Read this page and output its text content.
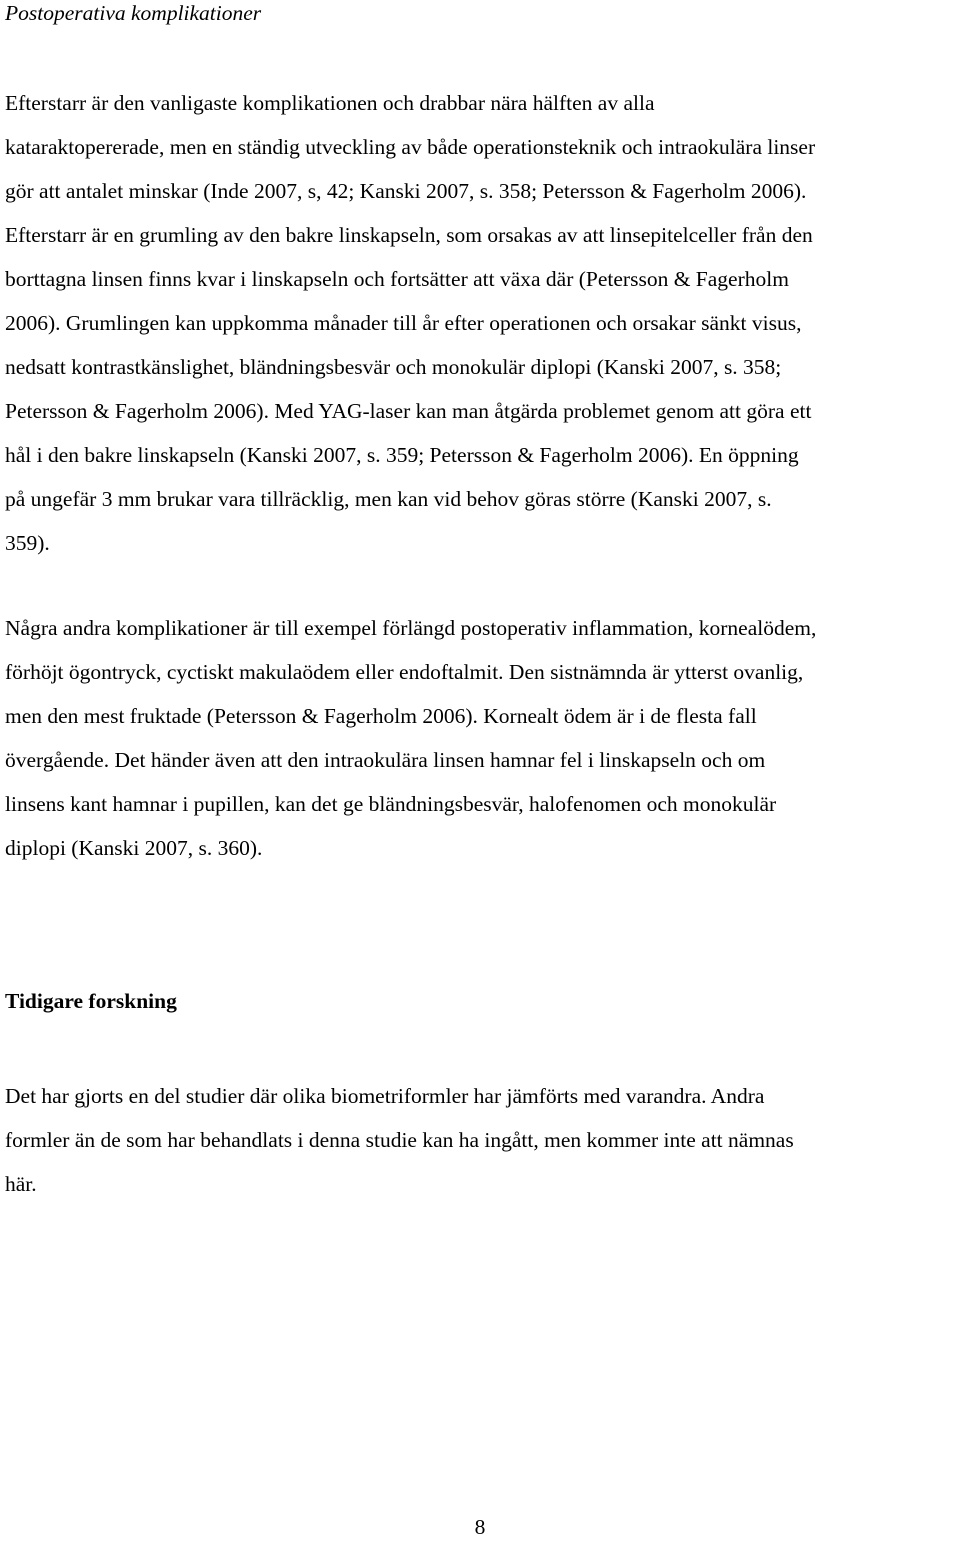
Postoperativa komplikationer

Efterstarr är den vanligaste komplikationen och drabbar nära hälften av alla
kataraktopererade, men en ständig utveckling av både operationsteknik och intraokulära linser
gör att antalet minskar (Inde 2007, s, 42; Kanski 2007, s. 358; Petersson & Fagerholm 2006).
Efterstarr är en grumling av den bakre linskapseln, som orsakas av att linsepitelceller från den
borttagna linsen finns kvar i linskapseln och fortsätter att växa där (Petersson & Fagerholm
2006). Grumlingen kan uppkomma månader till år efter operationen och orsakar sänkt visus,
nedsatt kontrastkänslighet, bländningsbesvär och monokulär diplopi (Kanski 2007, s. 358;
Petersson & Fagerholm 2006). Med YAG-laser kan man åtgärda problemet genom att göra ett
hål i den bakre linskapseln (Kanski 2007, s. 359; Petersson & Fagerholm 2006). En öppning
på ungefär 3 mm brukar vara tillräcklig, men kan vid behov göras större (Kanski 2007, s.
359).

Några andra komplikationer är till exempel förlängd postoperativ inflammation, kornealödem,
förhöjt ögontryck, cyctiskt makulaödem eller endoftalmit. Den sistnämnda är ytterst ovanlig,
men den mest fruktade (Petersson & Fagerholm 2006). Kornealt ödem är i de flesta fall
övergående. Det händer även att den intraokulära linsen hamnar fel i linskapseln och om
linsens kant hamnar i pupillen, kan det ge bländningsbesvär, halofenomen och monokulär
diplopi (Kanski 2007, s. 360).

Tidigare forskning

Det har gjorts en del studier där olika biometriformler har jämförts med varandra. Andra
formler än de som har behandlats i denna studie kan ha ingått, men kommer inte att nämnas
här.

8
